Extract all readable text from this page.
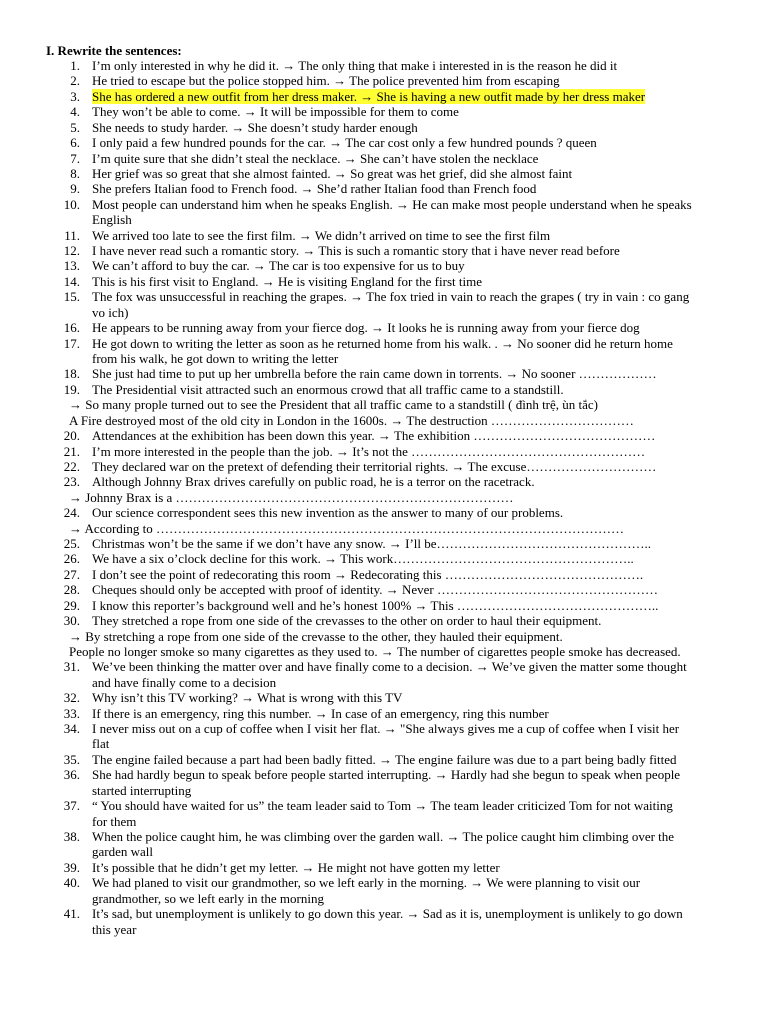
I. Rewrite the sentences:
1. I’m only interested in why he did it. → The only thing that make i interested in is the reason he did it
2. He tried to escape but the police stopped him. → The police prevented him from escaping
3. She has ordered a new outfit from her dress maker. → She is having a new outfit made by her dress maker
4. They won’t be able to come. → It will be impossible for them to come
5. She needs to study harder. → She doesn’t study harder enough
6. I only paid a few hundred pounds for the car. → The car cost only a few hundred pounds ? queen
7. I’m quite sure that she didn’t steal the necklace. → She can’t have stolen the necklace
8. Her grief was so great that she almost fainted. → So great was het grief, did she almost faint
9. She prefers Italian food to French food. → She’d rather Italian food than French food
10. Most people can understand him when he speaks English. → He can make most people understand when he speaks
English
11. We arrived too late to see the first film. → We didn’t arrived on time to see the first film
12. I have never read such a romantic story. → This is such a romantic story that i have never read before
13. We can’t afford to buy the car. → The car is too expensive for us to buy
14. This is his first visit to England. → He is visiting England for the first time
15. The fox was unsuccessful in reaching the grapes. → The fox tried in vain to reach the grapes ( try in vain : co gang
vo ich)
16. He appears to be running away from your fierce dog. → It looks he is running away from your fierce dog
17. He got down to writing the letter as soon as he returned home from his walk. . → No sooner did he return home
from his walk, he got down to writing the letter
18. She just had time to put up her umbrella before the rain came down in torrents. → No sooner ………………
19. The Presidential visit attracted such an enormous crowd that all traffic came to a standstill.
→ So many prople turned out to see the President that all traffic came to a standstill ( đình trệ, ùn tắc)
A Fire destroyed most of the old city in London in the 1600s. → The destruction ……………………………
20. Attendances at the exhibition has been down this year. → The exhibition ……………………………………
21. I’m more interested in the people than the job. → It’s not the ………………………………………………
22. They declared war on the pretext of defending their territorial rights. → The excuse…………………………
23. Although Johnny Brax drives carefully on public road, he is a terror on the racetrack.
→ Johnny Brax is a ……………………………………………………………………
24. Our science correspondent sees this new invention as the answer to many of our problems.
→ According to ………………………………………………………………………………………………
25. Christmas won’t be the same if we don’t have any snow. → I’ll be…………………………………………..
26. We have a six o’clock decline for this work. → This work………………………………………………..
27. I don’t see the point of redecorating this room → Redecorating this ……………………………………….
28. Cheques should only be accepted with proof of identity. → Never ……………………………………………
29. I know this reporter’s background well and he’s honest 100% → This ………………………………………..
30. They stretched a rope from one side of the crevasses to the other on order to haul their equipment.
→ By stretching a rope from one side of the crevasse to the other, they hauled their equipment.
People no longer smoke so many cigarettes as they used to. → The number of cigarettes people smoke has decreased.
31. We’ve been thinking the matter over and have finally come to a decision. → We’ve given the matter some thought
and have finally come to a decision
32. Why isn’t this TV working? → What is wrong with this TV
33. If there is an emergency, ring this number. → In case of an emergency, ring this number
34. I never miss out on a cup of coffee when I visit her flat. → "She always gives me a cup of coffee when I visit her
flat
35. The engine failed because a part had been badly fitted. → The engine failure was due to a part being badly fitted
36. She had hardly begun to speak before people started interrupting. → Hardly had she begun to speak when people
started interrupting
37. “ You should have waited for us” the team leader said to Tom → The team leader criticized Tom for not waiting
for them
38. When the police caught him, he was climbing over the garden wall. → The police caught him climbing over the
garden wall
39. It’s possible that he didn’t get my letter. → He might not have gotten my letter
40. We had planed to visit our grandmother, so we left early in the morning. → We were planning to visit our
grandmother, so we left early in the morning
41. It’s sad, but unemployment is unlikely to go down this year. → Sad as it is, unemployment is unlikely to go down
this year
